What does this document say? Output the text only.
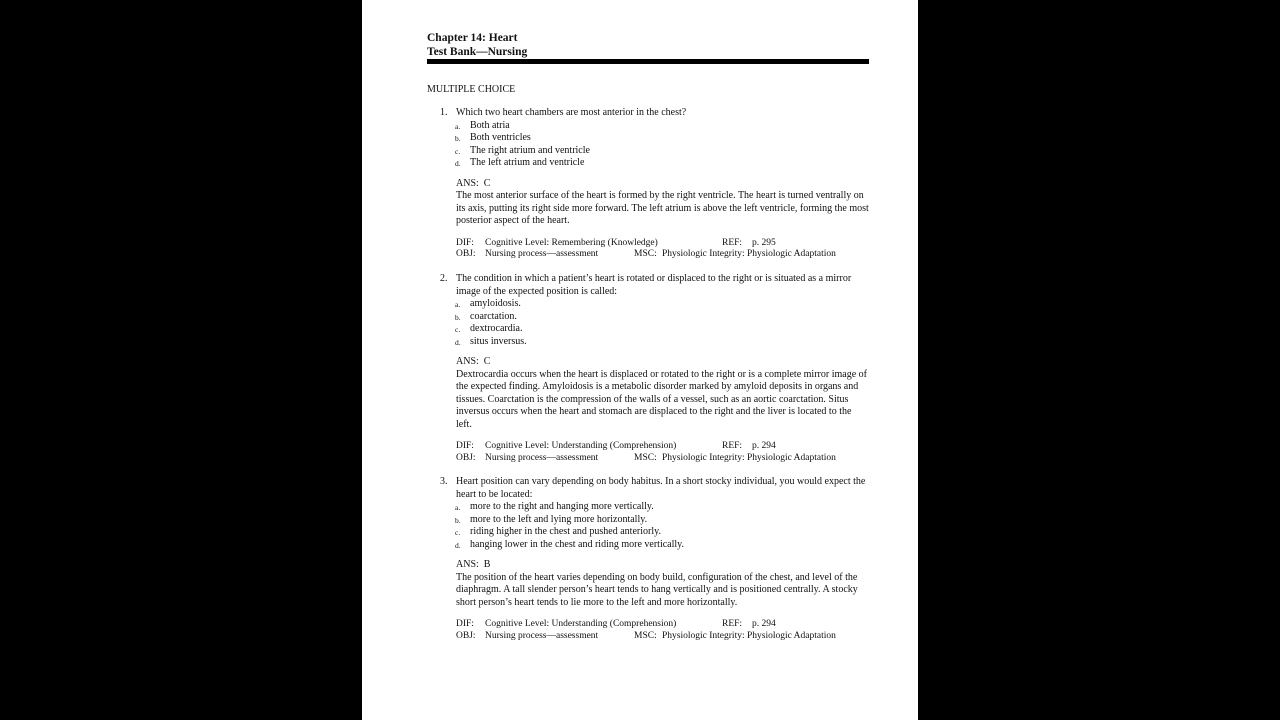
Chapter 14: Heart
Test Bank—Nursing
MULTIPLE CHOICE
1. Which two heart chambers are most anterior in the chest?
a. Both atria
b. Both ventricles
c. The right atrium and ventricle
d. The left atrium and ventricle
ANS:  C
The most anterior surface of the heart is formed by the right ventricle. The heart is turned ventrally on its axis, putting its right side more forward. The left atrium is above the left ventricle, forming the most posterior aspect of the heart.
DIF: Cognitive Level: Remembering (Knowledge)	REF: p. 295
OBJ: Nursing process—assessment	MSC: Physiologic Integrity: Physiologic Adaptation
2. The condition in which a patient’s heart is rotated or displaced to the right or is situated as a mirror image of the expected position is called:
a. amyloidosis.
b. coarctation.
c. dextrocardia.
d. situs inversus.
ANS:  C
Dextrocardia occurs when the heart is displaced or rotated to the right or is a complete mirror image of the expected finding. Amyloidosis is a metabolic disorder marked by amyloid deposits in organs and tissues. Coarctation is the compression of the walls of a vessel, such as an aortic coarctation. Situs inversus occurs when the heart and stomach are displaced to the right and the liver is located to the left.
DIF: Cognitive Level: Understanding (Comprehension)	REF: p. 294
OBJ: Nursing process—assessment	MSC: Physiologic Integrity: Physiologic Adaptation
3. Heart position can vary depending on body habitus. In a short stocky individual, you would expect the heart to be located:
a. more to the right and hanging more vertically.
b. more to the left and lying more horizontally.
c. riding higher in the chest and pushed anteriorly.
d. hanging lower in the chest and riding more vertically.
ANS:  B
The position of the heart varies depending on body build, configuration of the chest, and level of the diaphragm. A tall slender person’s heart tends to hang vertically and is positioned centrally. A stocky short person’s heart tends to lie more to the left and more horizontally.
DIF: Cognitive Level: Understanding (Comprehension)	REF: p. 294
OBJ: Nursing process—assessment	MSC: Physiologic Integrity: Physiologic Adaptation
